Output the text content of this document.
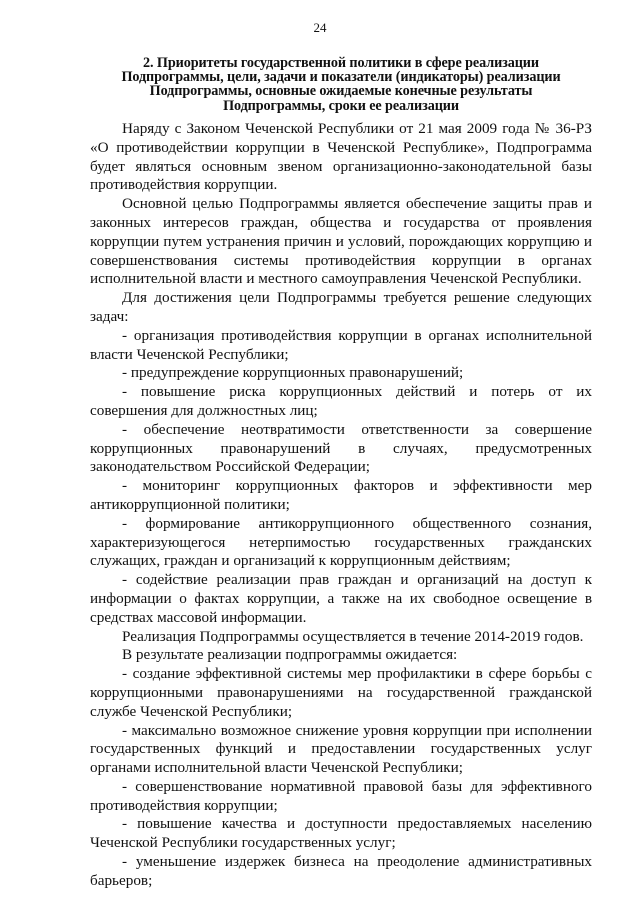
24
2. Приоритеты государственной политики в сфере реализации
Подпрограммы, цели, задачи и показатели (индикаторы) реализации
Подпрограммы, основные ожидаемые конечные результаты
Подпрограммы, сроки ее реализации

Наряду с Законом Чеченской Республики от 21 мая 2009 года № 36-РЗ «О противодействии коррупции в Чеченской Республике», Подпрограмма будет являться основным звеном организационно-законодательной базы противодействия коррупции.

Основной целью Подпрограммы является обеспечение защиты прав и законных интересов граждан, общества и государства от проявления коррупции путем устранения причин и условий, порождающих коррупцию и совершенствования системы противодействия коррупции в органах исполнительной власти и местного самоуправления Чеченской Республики.

Для достижения цели Подпрограммы требуется решение следующих задач:

- организация противодействия коррупции в органах исполнительной власти Чеченской Республики;

- предупреждение коррупционных правонарушений;

- повышение риска коррупционных действий и потерь от их совершения для должностных лиц;

- обеспечение неотвратимости ответственности за совершение коррупционных правонарушений в случаях, предусмотренных законодательством Российской Федерации;

- мониторинг коррупционных факторов и эффективности мер антикоррупционной политики;

- формирование антикоррупционного общественного сознания, характеризующегося нетерпимостью государственных гражданских служащих, граждан и организаций к коррупционным действиям;

- содействие реализации прав граждан и организаций на доступ к информации о фактах коррупции, а также на их свободное освещение в средствах массовой информации.

Реализация Подпрограммы осуществляется в течение 2014-2019 годов.

В результате реализации подпрограммы ожидается:

- создание эффективной системы мер профилактики в сфере борьбы с коррупционными правонарушениями на государственной гражданской службе Чеченской Республики;

- максимально возможное снижение уровня коррупции при исполнении государственных функций и предоставлении государственных услуг органами исполнительной власти Чеченской Республики;

- совершенствование нормативной правовой базы для эффективного противодействия коррупции;

- повышение качества и доступности предоставляемых населению Чеченской Республики государственных услуг;

- уменьшение издержек бизнеса на преодоление административных барьеров;
